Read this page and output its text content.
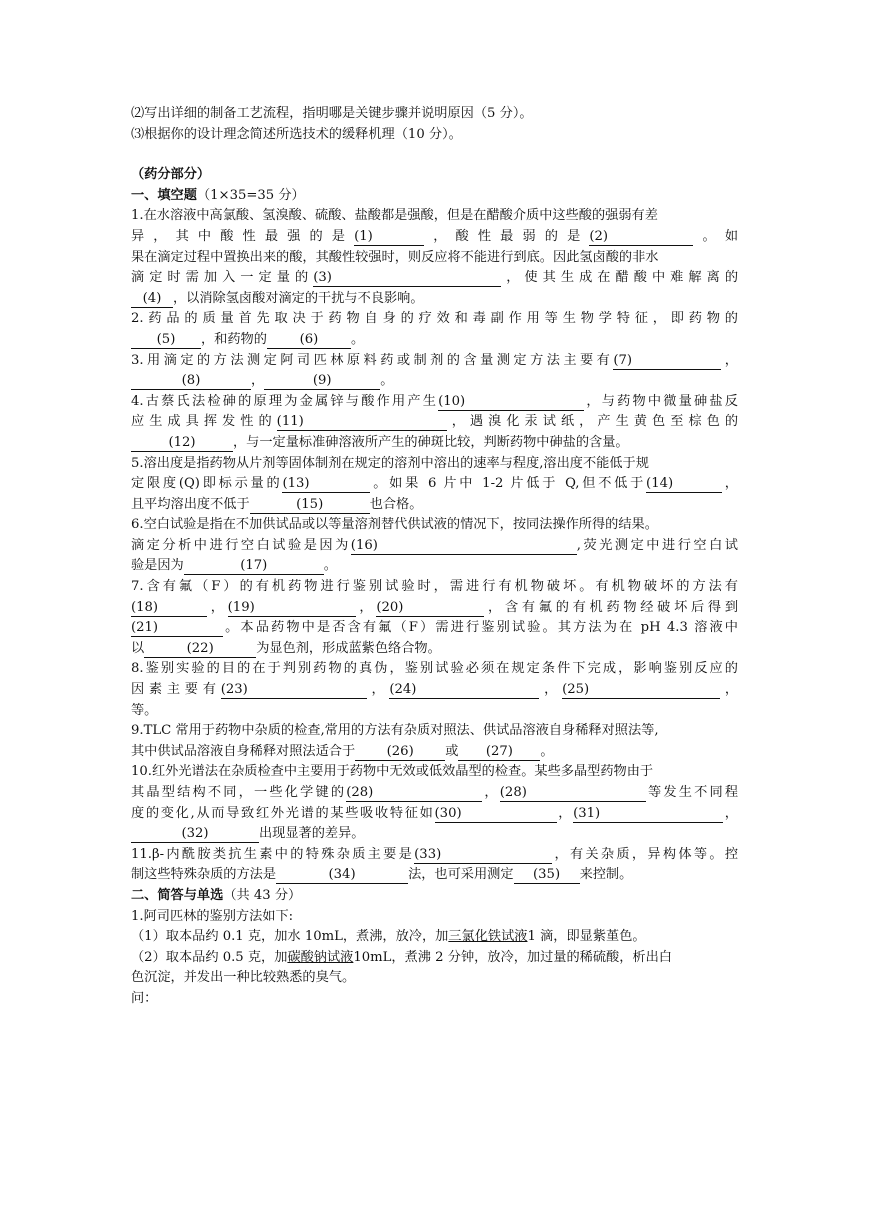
⑵写出详细的制备工艺流程，指明哪是关键步骤并说明原因（5 分）。
⑶根据你的设计理念简述所选技术的缓释机理（10 分）。
（药分部分）
一、填空题（1×35=35 分）
1.在水溶液中高氯酸、氢溴酸、硫酸、盐酸都是强酸，但是在醋酸介质中这些酸的强弱有差
异，其中酸性最强的是(1)	，酸性最弱的是(2)	。如
果在滴定过程中置换出来的酸，其酸性较强时，则反应将不能进行到底。因此氢卤酸的非水
滴定时需加入一定量的(3)	，使其生成在醋酸中难解离的
(4) ，以消除氢卤酸对滴定的干扰与不良影响。
2.药品的质量首先取决于药物自身的疗效和毒副作用等生物学特征，即药物的
(5) ，和药物的 (6) 。
3.用滴定的方法测定阿司匹林原料药或制剂的含量测定方法主要有(7)	，
(8)	，	(9)	。
4.古蔡氏法检砷的原理为金属锌与酸作用产生(10)	，与药物中微量砷盐反
应生成具挥发性的(11)	，遇溴化汞试纸，产生黄色至棕色的
(12)	，与一定量标准砷溶液所产生的砷斑比较，判断药物中砷盐的含量。
5.溶出度是指药物从片剂等固体制剂在规定的溶剂中溶出的速率与程度,溶出度不能低于规
定限度(Q)即标示量的(13)	。如果 6 片中 1-2 片低于 Q,但不低于(14)	，
且平均溶出度不低于	(15)	也合格。
6.空白试验是指在不加供试品或以等量溶剂替代供试液的情况下，按同法操作所得的结果。
滴定分析中进行空白试验是因为(16)	,荧光测定中进行空白试
验是因为	(17)	。
7.含有氟（F）的有机药物进行鉴别试验时，需进行有机物破坏。有机物破坏的方法有
(18)	，(19)	，(20)	，含有氟的有机药物经破坏后得到
(21)	。本品药物中是否含有氟（F）需进行鉴别试验。其方法为在 pH 4.3 溶液中
以	(22)	为显色剂，形成蓝紫色络合物。
8.鉴别实验的目的在于判别药物的真伪，鉴别试验必须在规定条件下完成，影响鉴别反应的
因素主要有(23)	，(24)	，(25)	，
等。
9.TLC 常用于药物中杂质的检查,常用的方法有杂质对照法、供试品溶液自身稀释对照法等,
其中供试品溶液自身稀释对照法适合于 (26) 或 (27) 。
10.红外光谱法在杂质检查中主要用于药物中无效或低效晶型的检查。某些多晶型药物由于
其晶型结构不同，一些化学键的(28)	，(28)	等发生不同程
度的变化,从而导致红外光谱的某些吸收特征如(30)	，(31)	，
(32)	出现显著的差异。
11.β-内酰胺类抗生素中的特殊杂质主要是(33)	，有关杂质，异构体等。控
制这些特殊杂质的方法是	(34)	法，也可采用测定 (35) 来控制。
二、简答与单选（共 43 分）
1.阿司匹林的鉴别方法如下:
（1）取本品约 0.1 克，加水 10mL，煮沸，放冷，加三氯化铁试液1 滴，即显紫堇色。
（2）取本品约 0.5 克，加碳酸钠试液10mL，煮沸 2 分钟，放冷，加过量的稀硫酸，析出白
色沉淀，并发出一种比较熟悉的臭气。
问：
